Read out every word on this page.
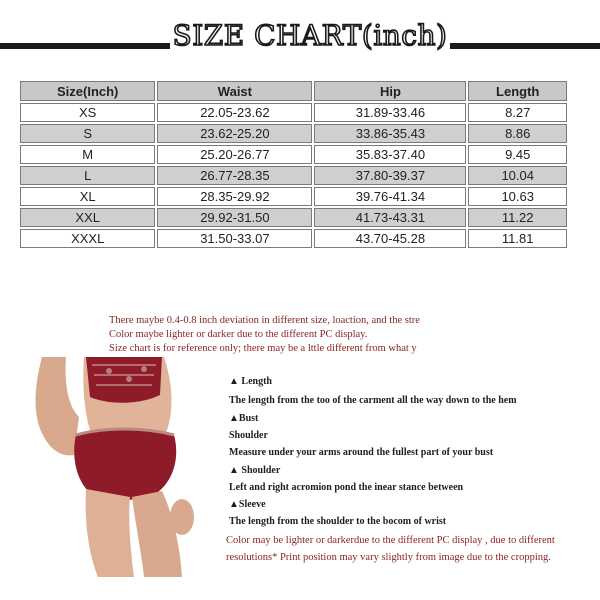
SIZE CHART(inch)
Size(Inch)	Waist	Hip	Length
XS	22.05-23.62	31.89-33.46	8.27
S	23.62-25.20	33.86-35.43	8.86
M	25.20-26.77	35.83-37.40	9.45
L	26.77-28.35	37.80-39.37	10.04
XL	28.35-29.92	39.76-41.34	10.63
XXL	29.92-31.50	41.73-43.31	11.22
XXXL	31.50-33.07	43.70-45.28	11.81
There maybe 0.4-0.8 inch deviation in different size, loaction, and the stre
Color maybe lighter or darker due to the different PC display.
Size chart is for reference only; there may be a lttle different from what y
▲ Length
The length from the too of the carment all the way down to the hem
▲Bust
Shoulder
Measure under your arms around the fullest part of your bust
▲ Shoulder
Left and right acromion pond the inear stance between
▲Sleeve
The length from the shoulder to the bocom of wrist
Color may be lighter or darkerdue to the different PC display , due to different
resolutions* Print position may vary slightly from image due to the cropping.
